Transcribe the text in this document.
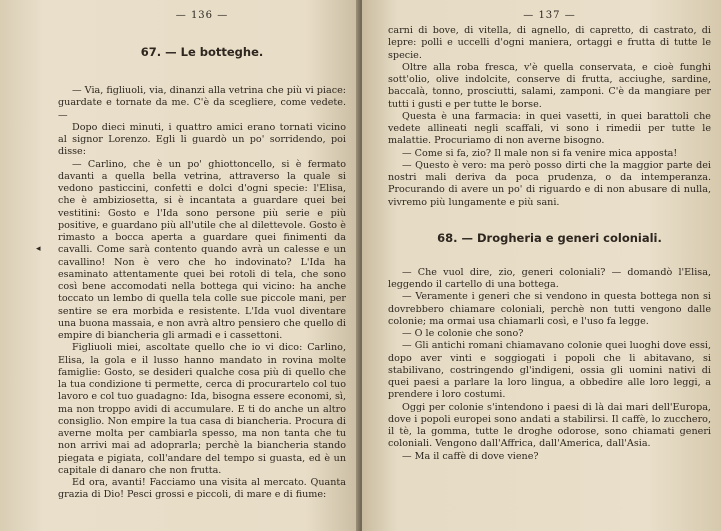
— 136 —
67. — Le botteghe.

— Via, figliuoli, via, dinanzi alla vetrina che più vi piace: guardate e tornate da me. C'è da scegliere, come vedete. —

Dopo dieci minuti, i quattro amici erano tornati vicino al signor Lorenzo. Egli li guardò un po' sorridendo, poi disse:

— Carlino, che è un po' ghiottoncello, si è fermato davanti a quella bella vetrina, attraverso la quale si vedono pasticcini, confetti e dolci d'ogni specie: l'Elisa, che è ambiziosetta, si è incantata a guardare quei bei vestitini: Gosto e l'Ida sono persone più serie e più positive, e guardano più all'utile che al dilettevole. Gosto è rimasto a bocca aperta a guardare quei finimenti da cavalli. Come sarà contento quando avrà un calesse e un cavallino! Non è vero che ho indovinato? L'Ida ha esaminato attentamente quei bei rotoli di tela, che sono così bene accomodati nella bottega qui vicino: ha anche toccato un lembo di quella tela colle sue piccole mani, per sentire se era morbida e resistente. L'Ida vuol diventare una buona massaia, e non avrà altro pensiero che quello di empire di biancheria gli armadi e i cassettoni.

Figliuoli miei, ascoltate quello che io vi dico: Carlino, Elisa, la gola e il lusso hanno mandato in rovina molte famiglie: Gosto, se desideri qualche cosa più di quello che la tua condizione ti permette, cerca di procurartelo col tuo lavoro e col tuo guadagno: Ida, bisogna essere economi, sì, ma non troppo avidi di accumulare. E ti do anche un altro consiglio. Non empire la tua casa di biancheria. Procura di averne molta per cambiarla spesso, ma non tanta che tu non arrivi mai ad adoprarla; perchè la biancheria stando piegata e pigiata, coll'andare del tempo si guasta, ed è un capitale di danaro che non frutta.

Ed ora, avanti! Facciamo una visita al mercato. Quanta grazia di Dio! Pesci grossi e piccoli, di mare e di fiume:

— 137 —

carni di bove, di vitella, di agnello, di capretto, di castrato, di lepre: polli e uccelli d'ogni maniera, ortaggi e frutta di tutte le specie.

Oltre alla roba fresca, v'è quella conservata, e cioè funghi sott'olio, olive indolcite, conserve di frutta, acciughe, sardine, baccalà, tonno, prosciutti, salami, zamponi. C'è da mangiare per tutti i gusti e per tutte le borse.

Questa è una farmacia: in quei vasetti, in quei barattoli che vedete allineati negli scaffali, vi sono i rimedii per tutte le malattie. Procuriamo di non averne bisogno.

— Come si fa, zio? Il male non si fa venire mica apposta!

— Questo è vero: ma però posso dirti che la maggior parte dei nostri mali deriva da poca prudenza, o da intemperanza. Procurando di avere un po' di riguardo e di non abusare di nulla, vivremo più lungamente e più sani.

68. — Drogheria e generi coloniali.

— Che vuol dire, zio, generi coloniali? — domandò l'Elisa, leggendo il cartello di una bottega.

— Veramente i generi che si vendono in questa bottega non si dovrebbero chiamare coloniali, perchè non tutti vengono dalle colonie; ma ormai usa chiamarli così, e l'uso fa legge.

— O le colonie che sono?

— Gli antichi romani chiamavano colonie quei luoghi dove essi, dopo aver vinti e soggiogati i popoli che li abitavano, si stabilivano, costringendo gl'indigeni, ossia gli uomini nativi di quei paesi a parlare la loro lingua, a obbedire alle loro leggi, a prendere i loro costumi.

Oggi per colonie s'intendono i paesi di là dai mari dell'Europa, dove i popoli europei sono andati a stabilirsi. Il caffè, lo zucchero, il tè, la gomma, tutte le droghe odorose, sono chiamati generi coloniali. Vengono dall'Affrica, dall'America, dall'Asia.

— Ma il caffè di dove viene?

◂
